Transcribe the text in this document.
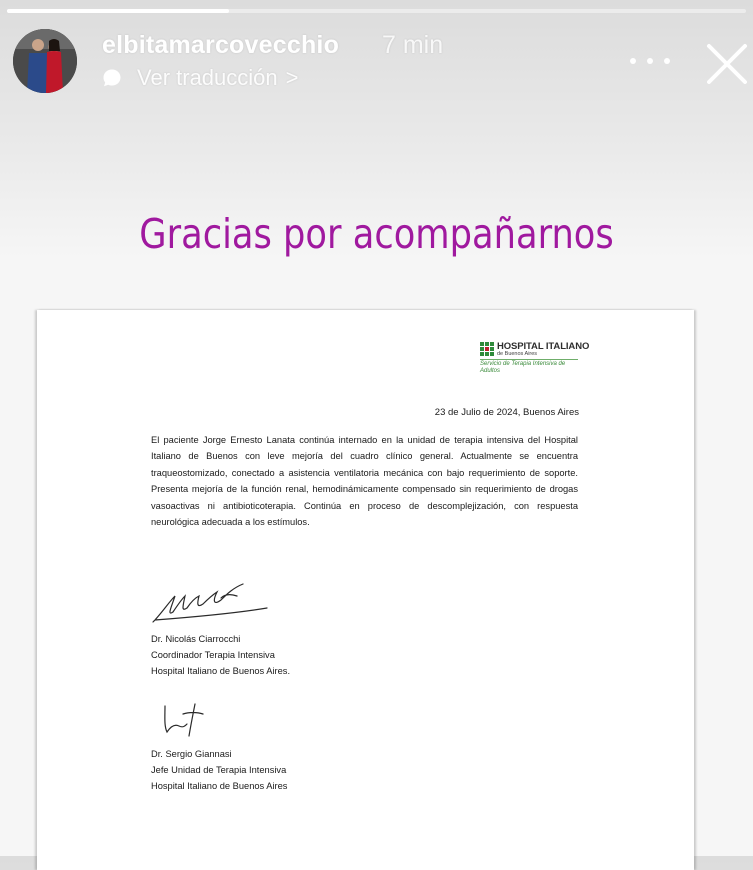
elbitamarcovecchio 7 min
Ver traducción >
Gracias por acompañarnos
HOSPITAL ITALIANO
de Buenos Aires
Servicio de Terapia Intensiva de Adultos
23 de Julio de 2024, Buenos Aires

El paciente Jorge Ernesto Lanata continúa internado en la unidad de terapia intensiva del Hospital Italiano de Buenos con leve mejoría del cuadro clínico general. Actualmente se encuentra traqueostomizado, conectado a asistencia ventilatoria mecánica con bajo requerimiento de soporte. Presenta mejoría de la función renal, hemodinámicamente compensado sin requerimiento de drogas vasoactivas ni antibioticoterapia. Continúa en proceso de descomplejización, con respuesta neurológica adecuada a los estímulos.

Dr. Nicolás Ciarrocchi
Coordinador Terapia Intensiva
Hospital Italiano de Buenos Aires.
Dr. Sergio Giannasi
Jefe Unidad de Terapia Intensiva
Hospital Italiano de Buenos Aires
